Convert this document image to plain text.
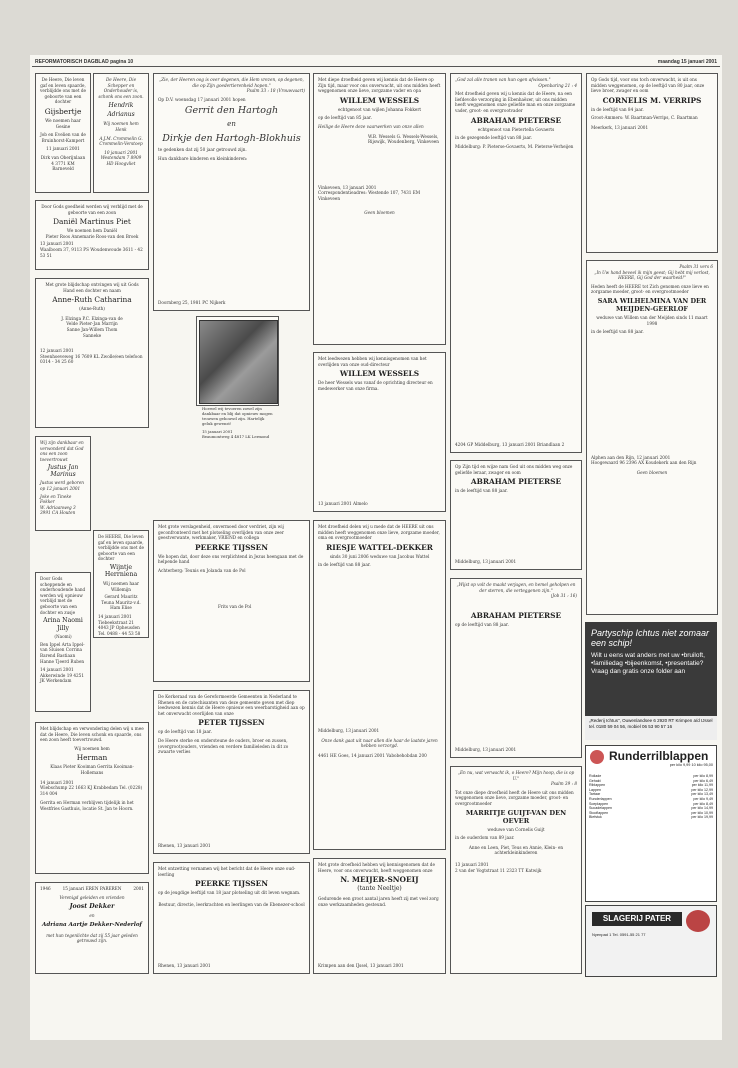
REFORMATORISCH DAGBLAD pagina 10	maandag 15 januari 2001
De Heere, Die leven gaf en leven spaarde, verblijdde ons met de geboorte van een dochter
Gijsbertje
We noemen haar Gesine
Job en Evelien van de Bruinhorst-Kampert
11 januari 2001
Dirk van Oberijnlaan 4 3771 KM Barneveld
De Heere, Die Schepper en Onderhouder is, schonk ons een zoon.
Hendrik Adrianus
Wij noemen hem Henk
A.J.M. Crommelin G. Crommelin-Verstoep
10 januari 2001
Westendam 7 8909 HD Hoogvliet
Door Gods goedheid werden wij verblijd met de geboorte van een zoon
Daniël Martinus Piet
We noemen hem Daniël
Pieter Roos Annemarie Roos-van den Broek
13 januari 2001
Waalboom 37, 9113 PS Woudenwoude 3611 - 42 53 51
Met grote blijdschap ontvingen wij uit Gods Hand een dochter en naam
Anne-Ruth Catharina
(Anne-Ruth)
J. Elzinga P.C. Elzinga-van de Velde Pieter-Jan Marrijn Sanne Jan-Willem Thom Sanneke
12 januari 2001
Steenhoeveweg 16 7609 KL Zwolle/een telefoon 0314 - 34 25 60
Wij zijn dankbaar en verwonderd dat God ons een zoon toevertrouwt
Justus Jan Marinus
Justus werd geboren op 12 januari 2001
Joke en Tineke Fokker
W. Adriaanweg 3 3991 CA Houten
De HEERE, Die leven gaf en leven spaarde, verblijdde ons met de geboorte van een dochter
Wijntje Herrniena
Wij noemen haar Willemijn
Gerard Mauritz Teuna Mauritz-v.d. Ham Elise
14 januari 2001
Tiebeekstraat 21 4043 JP Opheusden Tel. 0488 - 44 53 58
Door Gods scheppende en onderhoudende hand werden wij opnieuw verblijd met de geboorte van een dochter en zusje
Arina Naomi Jilly
(Naomi)
Ben Ippel Arta Ippel-van Sluisen Corrina Barend Bastiaan Hanne Tjeerd Ruben
14 januari 2001
Akkerwinde 19 4251 JK Werkendam
Met blijdschap en verwondering delen wij u mee dat de Heere, Die leven schonk en spaarde, ons een zoon heeft toevertrouwd.
Wij noemen hem
Herman
Klaas Pieter Kooiman Gerrita Kooiman-Hollemans
14 januari 2001
Wiebschump 22 1663 KJ Krabbedam Tel. (0228) 314 004
Gerrita en Herman verblijven tijdelijk in het Westfries Gasthuis, locatie St. Jan te Hoorn.
1946	15 januari EREN PAREREN	2001
Verenigd geleiden en vrienden
Joost Dekker
en
Adriana Aartje Dekker-Nederlof
met hun tegenlichte dat zij 55 jaar geleden getrouwd zijn.
„Zie, der Heeren oog is over degenen, die Hem vrezen, op degenen, die op Zijn goedertierenheid hopen."
Psalm 33 : 18 (Vrouwvaart)
Op D.V. woensdag 17 januari 2001 hopen
Gerrit den Hartogh
en
Dirkje den Hartogh-Blokhuis
te gedenken dat zij 50 jaar getrouwd zijn.
Hun dankbare kinderen en kleinkinderen:
Doornberg 25, 1981 PC Nijkerk
Hoewel wij tevoeren zowel zijn dankbaar en blij dat opnieuw mogen trouwen gehouwd zijn. Hartelijk geluk gewenst!
15 januari 2001
Beaumontweg 4 4817 LK Lermond
Met grote verslagenheid, onvermoed door verdriet, zijn wij geconfronteerd met het plotseling overlijden van onze zeer geestverwante, werkmaker, VRIEND en collega
PEERKE TIJSSEN
We hopen dat, door deze ons verplichtend in Jezus heengaan met de helpende hand
Achterberg: Teunis en Jolanda van de Pol
Frits van de Pol
De Kerkeraad van de Gereformeerde Gemeenten in Nederland te Rhenen en de catechisanten van deze gemeente geven met diep leedwezen kennis dat de Heere opnieuw een weerbarstigheid aan op het onverwacht overlijden van onze
PETER TIJSSEN
op de leeftijd van 18 jaar.
De Heere sterke en ondersteune de ouders, broer en zussen, (overgroot)ouders, vrienden en verdere familieleden in dit zo zwaarte verlies
Rhenen, 13 januari 2001
Met ontzetting vernamen wij het bericht dat de Heere onze oud-leerling
PEERKE TIJSSEN
op de jeugdige leeftijd van 18 jaar plotseling uit dit leven wegnam.
Bestuur, directie, leerkrachten en leerlingen van de Ebenezer-school
Rhenen, 13 januari 2001
Met diepe droefheid geven wij kennis dat de Heere op Zijn tijd, maar voor ons onverwacht, uit ons midden heeft weggenomen onze lieve, zorgzame vader en opa
WILLEM WESSELS
echtgenoot van wijlen Johanna Fokkert
op de leeftijd van 85 jaar.
Heilige de Heere deze vaarwerken van onze allen
W.B. Wessels G. Wessels-Wessels, Rijswijk, Woudenberg, Vinkeveen
Vinkeveen, 13 januari 2001
Correspondentieadres: Westende 107, 7431 EM Vinkeveen
Geen bloemen
Met leedwezen hebben wij kennisgenomen van het overlijden van onze oud-directeur
WILLEM WESSELS
De heer Wessels was vanaf de oprichting directeur en medewerker van onze firma.
13 januari 2001 Almelo
Met droefheid delen wij u mede dat de HEERE uit ons midden heeft weggenomen onze lieve, zorgzame moeder, oma en overgrootmoeder
RIESJE WATTEL-DEKKER
sinds 30 juni 2006 weduwe van Jacobus Wattel
in de leeftijd van 88 jaar.
Middelburg, 13 januari 2001
Onze dank gaat uit naar allen die haar de laatste jaren hebben verzorgd.
4461 HE Goes, 14 januari 2001 Vabobehobdan 200
Met grote droefheid hebben wij kennisgenomen dat de Heere, voor ons onverwacht, heeft weggenomen onze
N. MEIJER-SNOEIJ
(tante Neeltje)
Gedurende een groot aantal jaren heeft zij met veel zorg onze werkzaamheden gesteund.
Krimpen aan den IJssel, 13 januari 2001
„God zal alle tranen van hun ogen afwissen."
Openbaring 21 : 4
Met droefheid geven wij u kennis dat de Heere, na een liefdevolle verzorging in Ebenhaëzer, uit ons midden heeft weggenomen onze geliefde man en onze zorgzame vader, groot- en overgrootvader
ABRAHAM PIETERSE
echtgenoot van Pietertella Govaerts
in de gezegende leeftijd van 88 jaar.
Middelburg: P. Pieterse-Govaerts, M. Pieterse-Verheijen
4204 GP Middelburg, 13 januari 2001 Briandlaan 2
Op Zijn tijd en wijze nam God uit ons midden weg onze geliefde leraar, zwager en oom
ABRAHAM PIETERSE
in de leeftijd van 88 jaar.
Middelburg, 13 januari 2001
„Wijst op volt de maakt verjagen, en hemel geholpen en der sterren, die verteggenen zijn."
(Job 31 : 16)
ABRAHAM PIETERSE
op de leeftijd van 88 jaar.
Middelburg, 13 januari 2001
„En nu, wat verwacht ik, o Heere? Mijn hoop, die is op U."
Psalm 39 : 8
Tot onze diepe droefheid heeft de Heere uit ons midden weggenomen onze lieve, zorgzame moeder, groot- en overgrootmoeder
MARRITJE GUIJT-VAN DEN OEVER
weduwe van Cornelis Guijt
in de ouderdom van 89 jaar.
Anne en Leen, Piet, Teus en Annie, Klein- en achterkleinkinderen
13 januari 2001
2 van der Vogtstraat 11 2323 TT Katwijk
Op Gods tijd, voor ons toch onverwacht, is uit ons midden weggenomen, op de leeftijd van 80 jaar, onze lieve broer, zwager en oom
CORNELIS M. VERRIPS
in de leeftijd van 84 jaar.
Groot-Ammers: W. Baartman-Verrips, C. Baartman
Meerkerk, 13 januari 2001
Psalm 31 vers 6
„In Uw hand beveel ik mijn geest; Gij hebt mij verlost, HEERE, Gij God der waarheid!"
Heden heeft de HEERE tot Zich genomen onze lieve en zorgzame moeder, groot- en overgrootmoeder
SARA WILHELMINA VAN DER MEIJDEN-GEERLOF
weduwe van Willem van der Meijden sinds 11 maart 1998
in de leeftijd van 88 jaar.
Alphen aan den Rijn, 12 januari 2001
Hoogewaard 96 2396 AX Koudekerk aan den Rijn
Geen bloemen
Partyschip Ichtus niet zomaar een schip!
Wilt u eens wat anders met uw •bruiloft, •familiedag •bijeenkomst, •presentatie? Vraag dan gratis onze folder aan
„Rederij Ichtus", Ouwenlandsee 6 2920 RT Krimpen a/d IJssel tel. 0180 59 04 56, mobiel 06 53 90 57 16
Runderrilblappen
per kilo 9,99 10 kilo 95,00
Rollade	per kilo 8,99
Gehakt	per kilo 6,49
Riblappen	per kilo 11,99
Lappen	per kilo 12,99
Tartaar	per kilo 13,49
Runderlappen	per kilo 9,49
Soeplappen	per kilo 8,49
Sucadelappen	per kilo 14,99
Stooflappen	per kilo 10,99
Biefstuk	per kilo 19,99
SLAGERIJ PATER
Nyenpad 1 Tel. 0591-55 21 77
